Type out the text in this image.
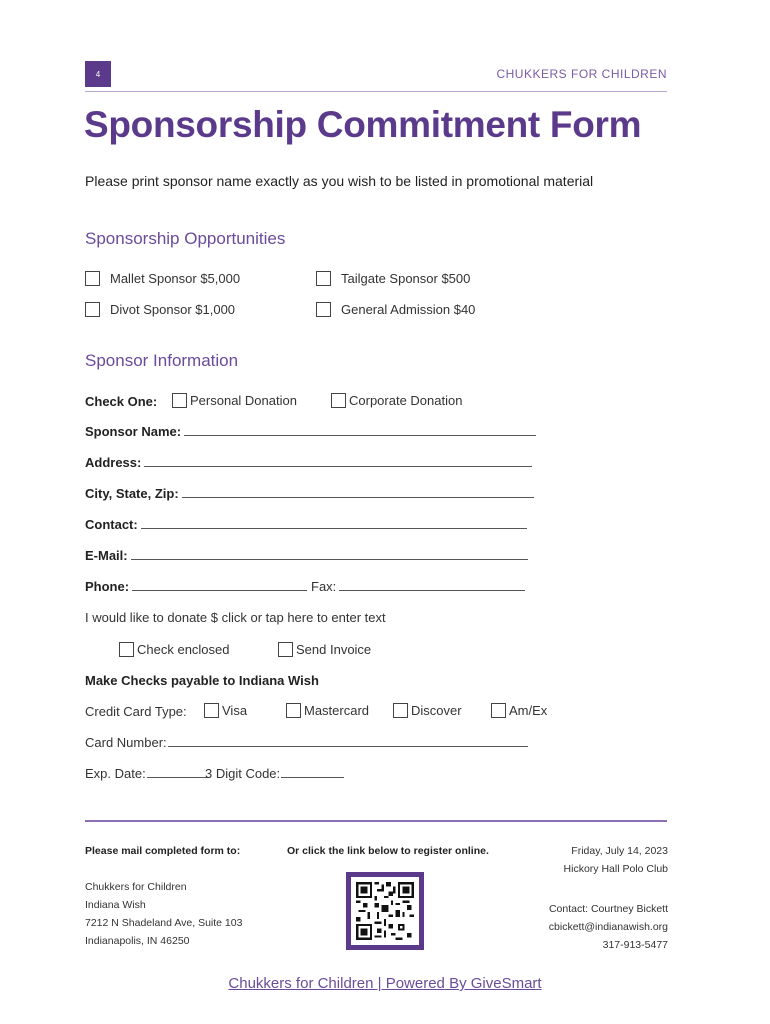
4	CHUKKERS FOR CHILDREN
Sponsorship Commitment Form
Please print sponsor name exactly as you wish to be listed in promotional material
Sponsorship Opportunities
Mallet Sponsor $5,000	Tailgate Sponsor $500
Divot Sponsor $1,000	General Admission $40
Sponsor Information
Check One:	Personal Donation	Corporate Donation
Sponsor Name:
Address:
City, State, Zip:
Contact:
E-Mail:
Phone:	Fax:
I would like to donate $ click or tap here to enter text
Check enclosed	Send Invoice
Make Checks payable to Indiana Wish
Credit Card Type:	Visa	Mastercard	Discover	Am/Ex
Card Number:
Exp. Date:	3 Digit Code:
Please mail completed form to:
Chukkers for Children
Indiana Wish
7212 N Shadeland Ave, Suite 103
Indianapolis, IN 46250
Or click the link below to register online.	Friday, July 14, 2023
Hickory Hall Polo Club
Contact: Courtney Bickett
cbickett@indianawish.org
317-913-5477
Chukkers for Children | Powered By GiveSmart
